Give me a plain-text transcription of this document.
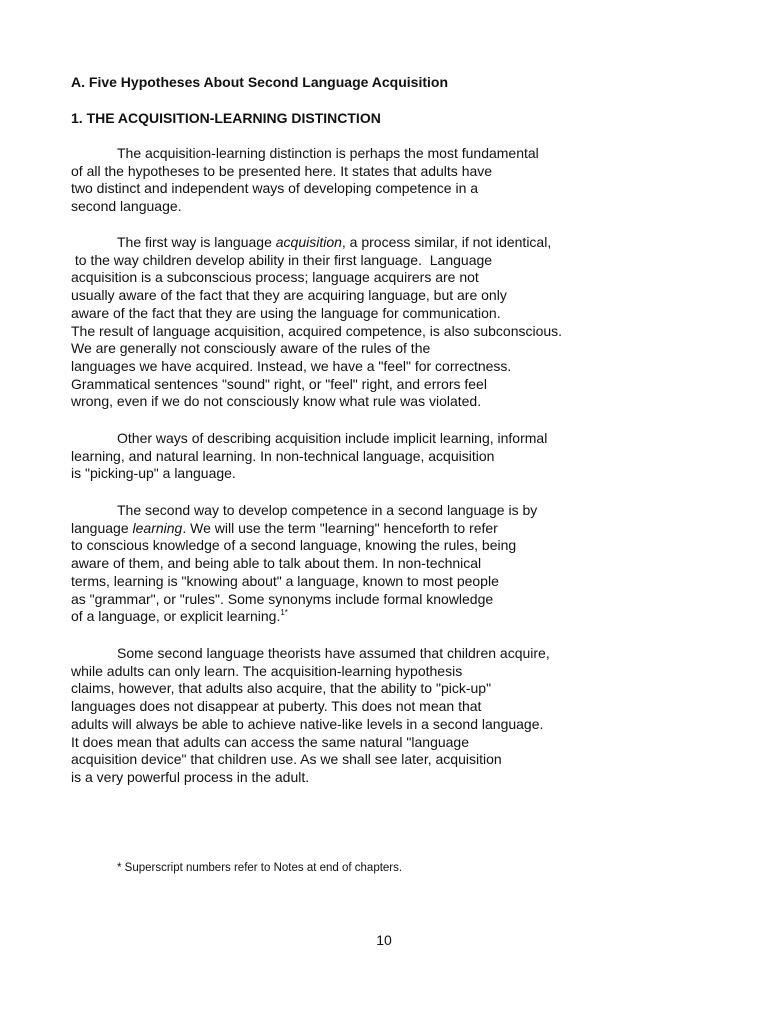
A. Five Hypotheses About Second Language Acquisition
1. THE ACQUISITION-LEARNING DISTINCTION

The acquisition-learning distinction is perhaps the most fundamental
of all the hypotheses to be presented here. It states that adults have
two distinct and independent ways of developing competence in a
second language.

The first way is language acquisition, a process similar, if not identical,
to the way children develop ability in their first language.  Language
acquisition is a subconscious process; language acquirers are not
usually aware of the fact that they are acquiring language, but are only
aware of the fact that they are using the language for communication.
The result of language acquisition, acquired competence, is also subconscious.
We are generally not consciously aware of the rules of the
languages we have acquired. Instead, we have a "feel" for correctness.
Grammatical sentences "sound" right, or "feel" right, and errors feel
wrong, even if we do not consciously know what rule was violated.

Other ways of describing acquisition include implicit learning, informal
learning, and natural learning. In non-technical language, acquisition
is "picking-up" a language.

The second way to develop competence in a second language is by
language learning. We will use the term "learning" henceforth to refer
to conscious knowledge of a second language, knowing the rules, being
aware of them, and being able to talk about them. In non-technical
terms, learning is "knowing about" a language, known to most people
as "grammar", or "rules". Some synonyms include formal knowledge
of a language, or explicit learning.$^{1*}$

Some second language theorists have assumed that children acquire,
while adults can only learn. The acquisition-learning hypothesis
claims, however, that adults also acquire, that the ability to "pick-up"
languages does not disappear at puberty. This does not mean that
adults will always be able to achieve native-like levels in a second language.
It does mean that adults can access the same natural "language
acquisition device" that children use. As we shall see later, acquisition
is a very powerful process in the adult.

* Superscript numbers refer to Notes at end of chapters.

10
